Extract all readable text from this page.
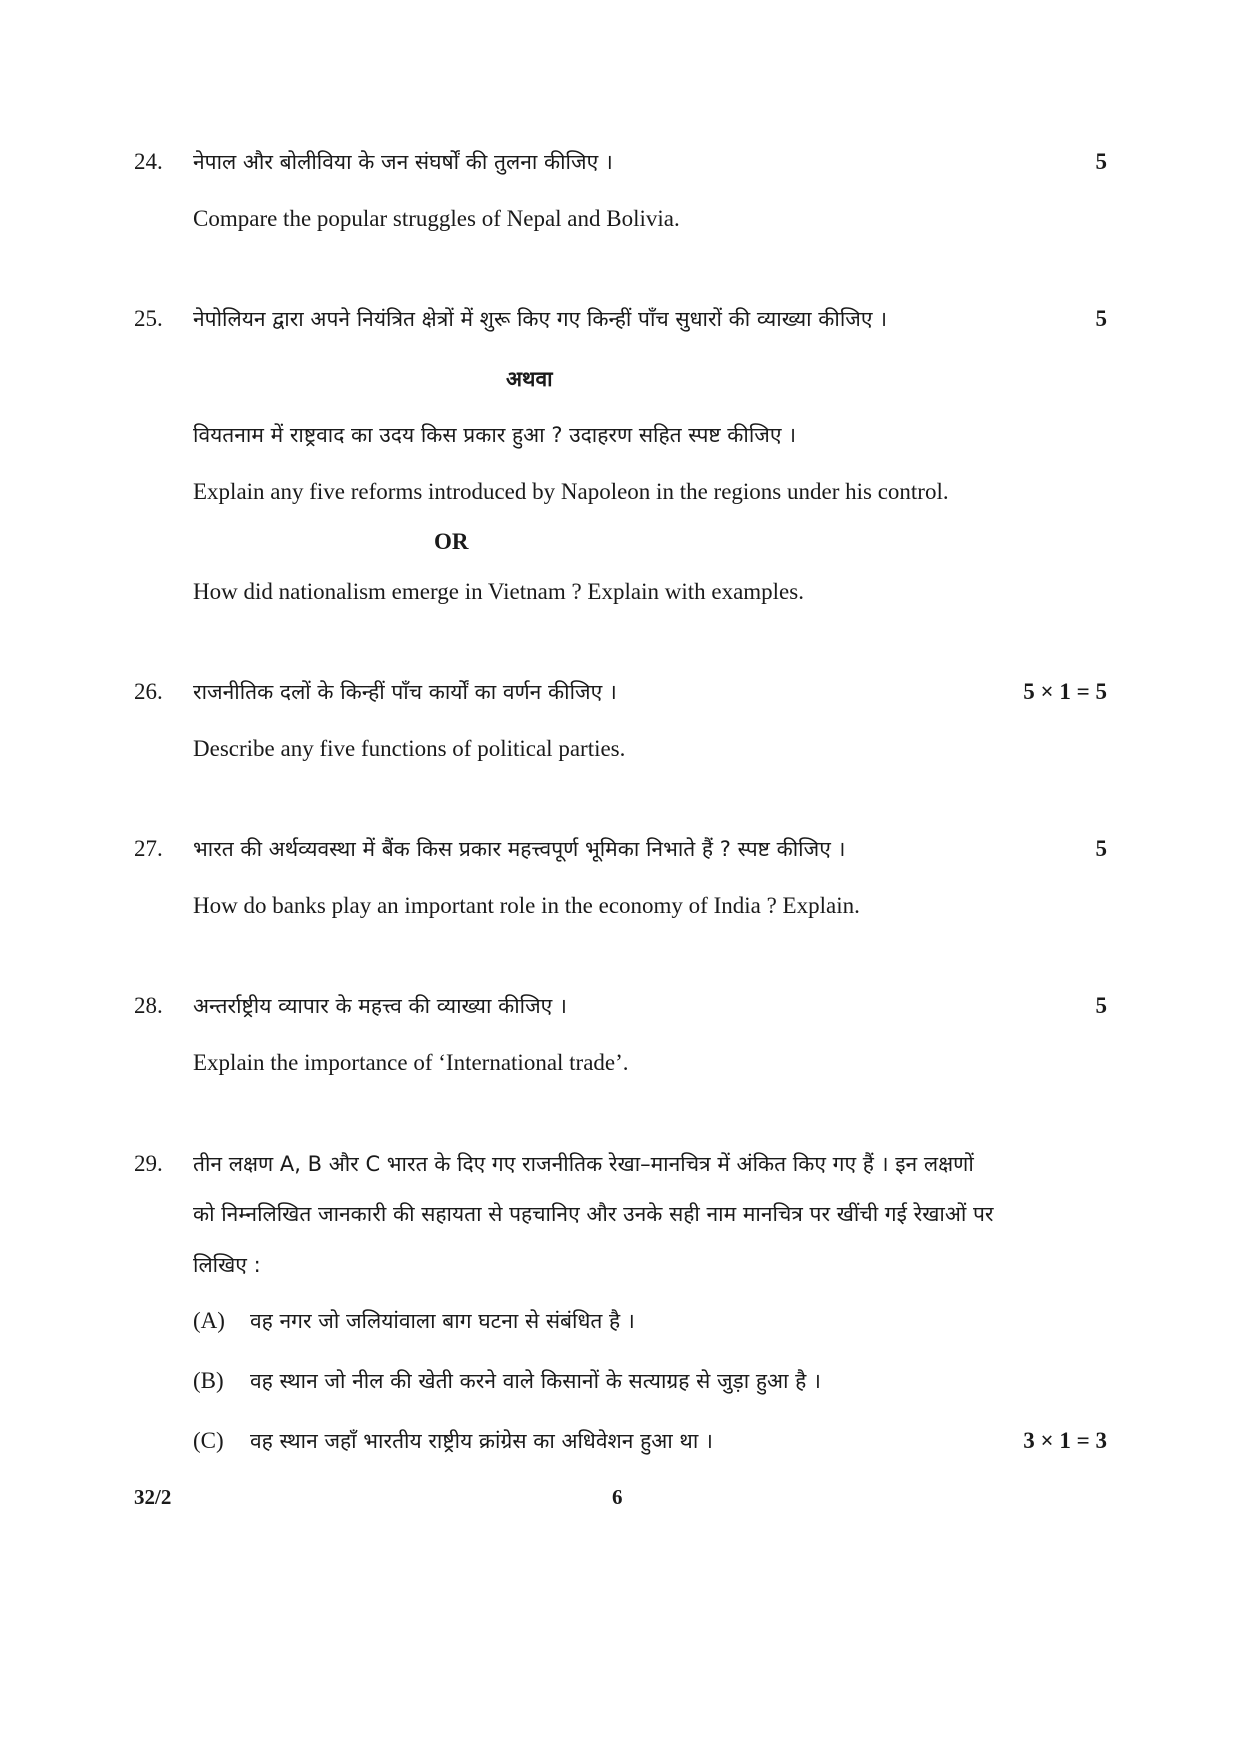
24. नेपाल और बोलीविया के जन संघर्षों की तुलना कीजिए ।	5
Compare the popular struggles of Nepal and Bolivia.
25. नेपोलियन द्वारा अपने नियंत्रित क्षेत्रों में शुरू किए गए किन्हीं पाँच सुधारों की व्याख्या कीजिए ।	5
अथवा
वियतनाम में राष्ट्रवाद का उदय किस प्रकार हुआ ? उदाहरण सहित स्पष्ट कीजिए ।
Explain any five reforms introduced by Napoleon in the regions under his control.
OR
How did nationalism emerge in Vietnam ? Explain with examples.
26. राजनीतिक दलों के किन्हीं पाँच कार्यों का वर्णन कीजिए ।	5 × 1 = 5
Describe any five functions of political parties.
27. भारत की अर्थव्यवस्था में बैंक किस प्रकार महत्त्वपूर्ण भूमिका निभाते हैं ? स्पष्ट कीजिए ।	5
How do banks play an important role in the economy of India ? Explain.
28. अन्तर्राष्ट्रीय व्यापार के महत्त्व की व्याख्या कीजिए ।	5
Explain the importance of ‘International trade’.
29. तीन लक्षण A, B और C भारत के दिए गए राजनीतिक रेखा–मानचित्र में अंकित किए गए हैं । इन लक्षणों
को निम्नलिखित जानकारी की सहायता से पहचानिए और उनके सही नाम मानचित्र पर खींची गई रेखाओं पर
लिखिए :
(A) वह नगर जो जलियांवाला बाग घटना से संबंधित है ।
(B) वह स्थान जो नील की खेती करने वाले किसानों के सत्याग्रह से जुड़ा हुआ है ।
(C) वह स्थान जहाँ भारतीय राष्ट्रीय क्रांग्रेस का अधिवेशन हुआ था ।	3 × 1 = 3
32/2	6
